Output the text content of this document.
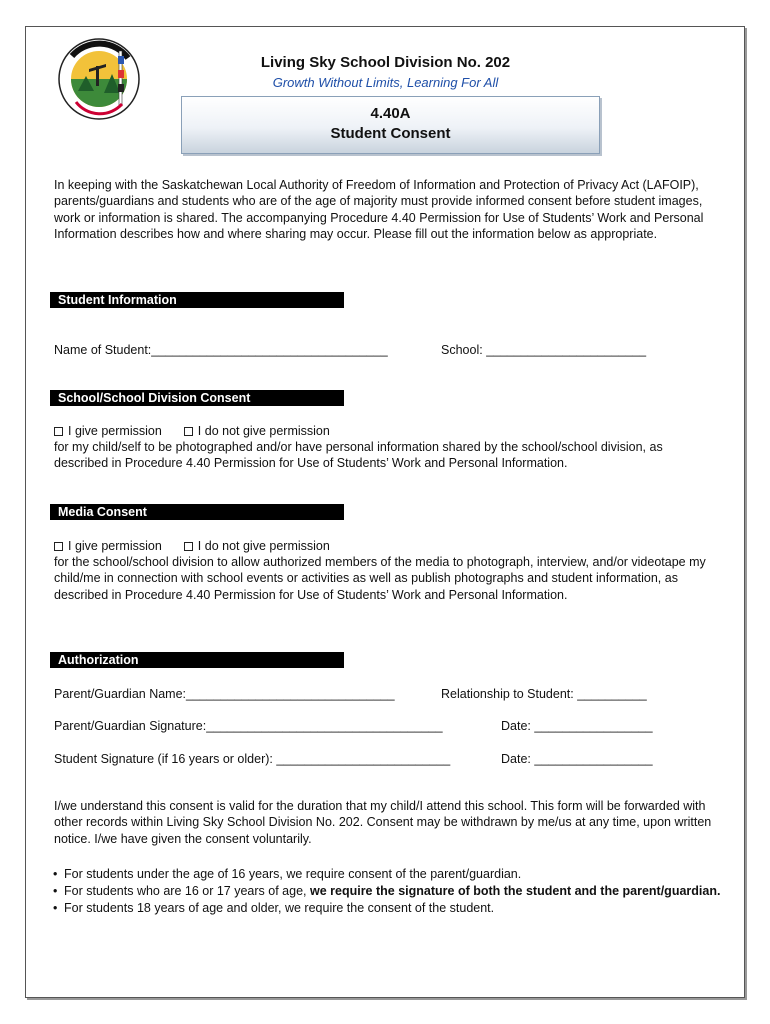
Living Sky School Division No. 202
Growth Without Limits, Learning For All
4.40A
Student Consent
In keeping with the Saskatchewan Local Authority of Freedom of Information and Protection of Privacy Act (LAFOIP), parents/guardians and students who are of the age of majority must provide informed consent before student images, work or information is shared. The accompanying Procedure 4.40 Permission for Use of Students’ Work and Personal Information describes how and where sharing may occur. Please fill out the information below as appropriate.
Student Information
Name of Student:__________________________________	School: _______________________
School/School Division Consent
I give permission	I do not give permission
for my child/self to be photographed and/or have personal information shared by the school/school division, as described in Procedure 4.40 Permission for Use of Students’ Work and Personal Information.
Media Consent
I give permission	I do not give permission
for the school/school division to allow authorized members of the media to photograph, interview, and/or videotape my child/me in connection with school events or activities as well as publish photographs and student information, as described in Procedure 4.40 Permission for Use of Students’ Work and Personal Information.
Authorization
Parent/Guardian Name:______________________________	Relationship to Student: __________
Parent/Guardian Signature:__________________________________	Date: _________________
Student Signature (if 16 years or older): _________________________	Date: _________________
I/we understand this consent is valid for the duration that my child/I attend this school. This form will be forwarded with other records within Living Sky School Division No. 202. Consent may be withdrawn by me/us at any time, upon written notice. I/we have given the consent voluntarily.
• For students under the age of 16 years, we require consent of the parent/guardian.
• For students who are 16 or 17 years of age, we require the signature of both the student and the parent/guardian.
• For students 18 years of age and older, we require the consent of the student.
